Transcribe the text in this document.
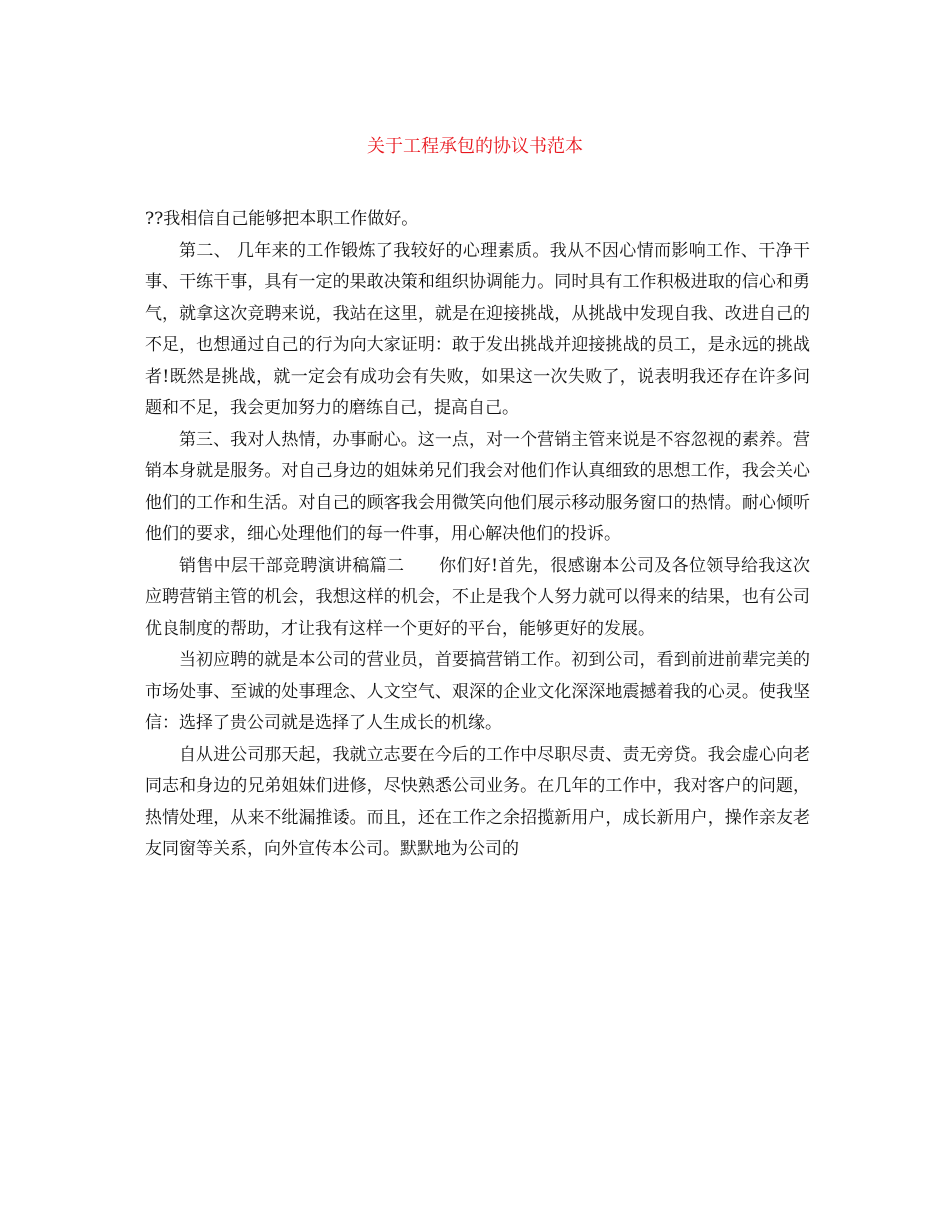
关于工程承包的协议书范本

??我相信自己能够把本职工作做好。

第二、 几年来的工作锻炼了我较好的心理素质。我从不因心情而影响工作、干净干事、干练干事，具有一定的果敢决策和组织协调能力。同时具有工作积极进取的信心和勇气，就拿这次竞聘来说，我站在这里，就是在迎接挑战，从挑战中发现自我、改进自己的不足，也想通过自己的行为向大家证明：敢于发出挑战并迎接挑战的员工，是永远的挑战者!既然是挑战，就一定会有成功会有失败，如果这一次失败了，说表明我还存在许多问题和不足，我会更加努力的磨练自己，提高自己。

第三、我对人热情，办事耐心。这一点，对一个营销主管来说是不容忽视的素养。营销本身就是服务。对自己身边的姐妹弟兄们我会对他们作认真细致的思想工作，我会关心他们的工作和生活。对自己的顾客我会用微笑向他们展示移动服务窗口的热情。耐心倾听他们的要求，细心处理他们的每一件事，用心解决他们的投诉。

销售中层干部竞聘演讲稿篇二　　你们好!首先，很感谢本公司及各位领导给我这次应聘营销主管的机会，我想这样的机会，不止是我个人努力就可以得来的结果，也有公司优良制度的帮助，才让我有这样一个更好的平台，能够更好的发展。

当初应聘的就是本公司的营业员，首要搞营销工作。初到公司，看到前进前辈完美的市场处事、至诚的处事理念、人文空气、艰深的企业文化深深地震撼着我的心灵。使我坚信：选择了贵公司就是选择了人生成长的机缘。

自从进公司那天起，我就立志要在今后的工作中尽职尽责、责无旁贷。我会虚心向老同志和身边的兄弟姐妹们进修，尽快熟悉公司业务。在几年的工作中，我对客户的问题，热情处理，从来不纰漏推诿。而且，还在工作之余招揽新用户，成长新用户，操作亲友老友同窗等关系，向外宣传本公司。默默地为公司的
